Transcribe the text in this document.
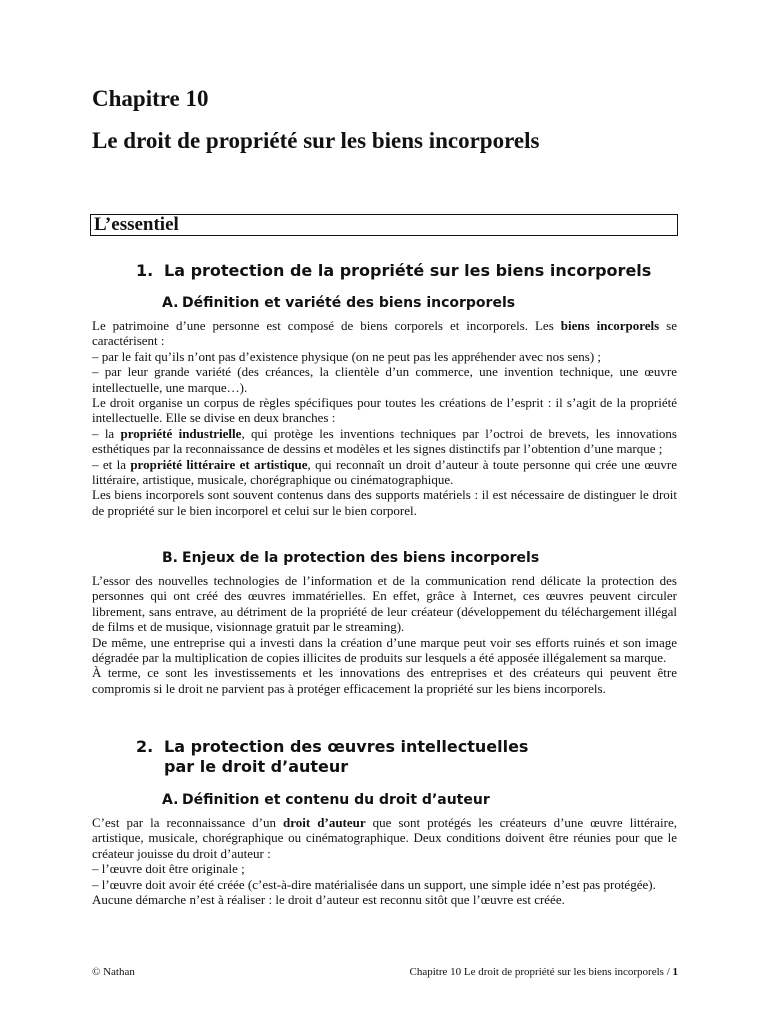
Chapitre 10
Le droit de propriété sur les biens incorporels
L’essentiel
1. La protection de la propriété sur les biens incorporels
A. Définition et variété des biens incorporels

Le patrimoine d’une personne est composé de biens corporels et incorporels. Les biens incorporels se caractérisent :

– par le fait qu’ils n’ont pas d’existence physique (on ne peut pas les appréhender avec nos sens) ;

– par leur grande variété (des créances, la clientèle d’un commerce, une invention technique, une œuvre intellectuelle, une marque…).

Le droit organise un corpus de règles spécifiques pour toutes les créations de l’esprit : il s’agit de la propriété intellectuelle. Elle se divise en deux branches :

– la propriété industrielle, qui protège les inventions techniques par l’octroi de brevets, les innovations esthétiques par la reconnaissance de dessins et modèles et les signes distinctifs par l’obtention d’une marque ;

– et la propriété littéraire et artistique, qui reconnaît un droit d’auteur à toute personne qui crée une œuvre littéraire, artistique, musicale, chorégraphique ou cinématographique.

Les biens incorporels sont souvent contenus dans des supports matériels : il est nécessaire de distinguer le droit de propriété sur le bien incorporel et celui sur le bien corporel.

B. Enjeux de la protection des biens incorporels

L’essor des nouvelles technologies de l’information et de la communication rend délicate la protection des personnes qui ont créé des œuvres immatérielles. En effet, grâce à Internet, ces œuvres peuvent circuler librement, sans entrave, au détriment de la propriété de leur créateur (développement du téléchargement illégal de films et de musique, visionnage gratuit par le streaming).

De même, une entreprise qui a investi dans la création d’une marque peut voir ses efforts ruinés et son image dégradée par la multiplication de copies illicites de produits sur lesquels a été apposée illégalement sa marque.

À terme, ce sont les investissements et les innovations des entreprises et des créateurs qui peuvent être compromis si le droit ne parvient pas à protéger efficacement la propriété sur les biens incorporels.

2. La protection des œuvres intellectuelles
par le droit d’auteur
A. Définition et contenu du droit d’auteur

C’est par la reconnaissance d’un droit d’auteur que sont protégés les créateurs d’une œuvre littéraire, artistique, musicale, chorégraphique ou cinématographique. Deux conditions doivent être réunies pour que le créateur jouisse du droit d’auteur :

– l’œuvre doit être originale ;

– l’œuvre doit avoir été créée (c’est-à-dire matérialisée dans un support, une simple idée n’est pas protégée).

Aucune démarche n’est à réaliser : le droit d’auteur est reconnu sitôt que l’œuvre est créée.

© Nathan	Chapitre 10 Le droit de propriété sur les biens incorporels / 1
